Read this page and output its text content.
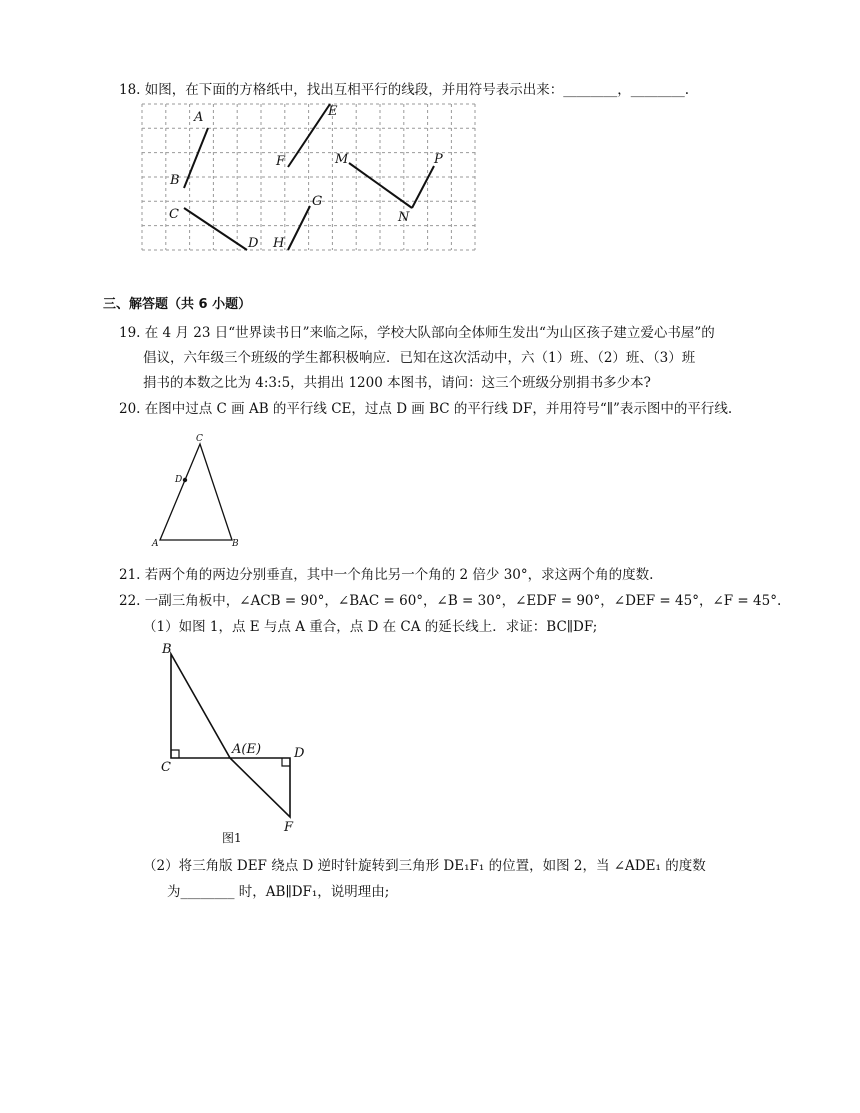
18. 如图，在下面的方格纸中，找出互相平行的线段，并用符号表示出来：________，________.
A
B
E
F	M	P
N
C
D
G
H
三、解答题（共 6 小题）
19. 在 4 月 23 日“世界读书日”来临之际，学校大队部向全体师生发出“为山区孩子建立爱心书屋”的
倡议，六年级三个班级的学生都积极响应．已知在这次活动中，六（1）班、（2）班、（3）班
捐书的本数之比为 4:3:5，共捐出 1200 本图书，请问：这三个班级分别捐书多少本?
20. 在图中过点 C 画 AB 的平行线 CE，过点 D 画 BC 的平行线 DF，并用符号“∥”表示图中的平行线.
C
D
A	B
21. 若两个角的两边分别垂直，其中一个角比另一个角的 2 倍少 30°，求这两个角的度数.
22. 一副三角板中，∠ACB = 90°，∠BAC = 60°，∠B = 30°，∠EDF = 90°，∠DEF = 45°，∠F = 45°.
（1）如图 1，点 E 与点 A 重合，点 D 在 CA 的延长线上．求证：BC∥DF;
B
A(E)	D
C
F
图1
（2）将三角版 DEF 绕点 D 逆时针旋转到三角形 DE₁F₁ 的位置，如图 2，当 ∠ADE₁ 的度数
为________ 时，AB∥DF₁，说明理由;
